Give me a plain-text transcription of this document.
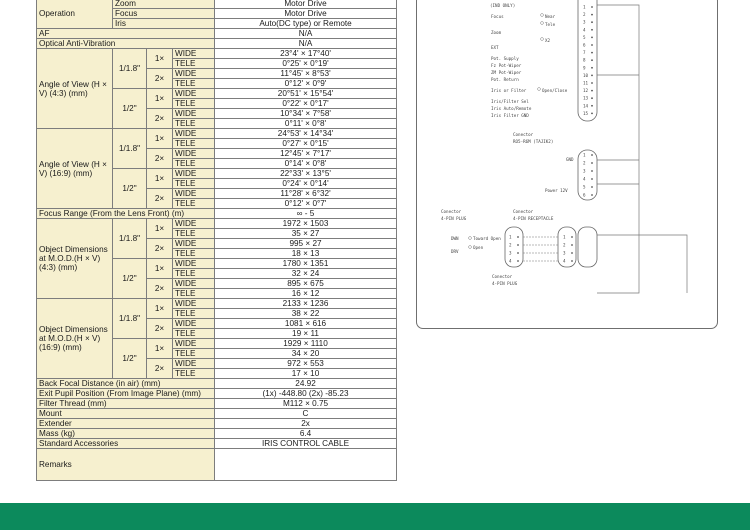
Operation	Zoom			Motor Drive
	Focus			Motor Drive
	Iris			Auto(DC type) or Remote
AF				N/A
Optical Anti-Vibration				N/A
Angle of View (H × V) (4:3) (mm)	1/1.8"	1×	WIDE	23°4' × 17°40'
			TELE	0°25' × 0°19'
		2×	WIDE	11°45' × 8°53'
			TELE	0°12' × 0°9'
	1/2"	1×	WIDE	20°51' × 15°54'
			TELE	0°22' × 0°17'
		2×	WIDE	10°34' × 7°58'
			TELE	0°11' × 0°8'
Angle of View (H × V) (16:9) (mm)	1/1.8"	1×	WIDE	24°53' × 14°34'
			TELE	0°27' × 0°15'
		2×	WIDE	12°45' × 7°17'
			TELE	0°14' × 0°8'
	1/2"	1×	WIDE	22°33' × 13°5'
			TELE	0°24' × 0°14'
		2×	WIDE	11°28' × 6°32'
			TELE	0°12' × 0°7'
Focus Range (From the Lens Front) (m)				∞ - 5
Object Dimensions at M.O.D.(H × V) (4:3) (mm)	1/1.8"	1×	WIDE	1972 × 1503
			TELE	35 × 27
		2×	WIDE	995 × 27
			TELE	18 × 13
	1/2"	1×	WIDE	1780 × 1351
			TELE	32 × 24
		2×	WIDE	895 × 675
			TELE	16 × 12
Object Dimensions at M.O.D.(H × V) (16:9) (mm)	1/1.8"	1×	WIDE	2133 × 1236
			TELE	38 × 22
		2×	WIDE	1081 × 616
			TELE	19 × 11
	1/2"	1×	WIDE	1929 × 1110
			TELE	34 × 20
		2×	WIDE	972 × 553
			TELE	17 × 10
Back Focal Distance (in air) (mm)				24.92
Exit Pupil Position (From Image Plane) (mm)				(1x) -448.80 (2x) -85.23
Filter Thread (mm)				M112 × 0.75
Mount				C
Extender				2x
Mass (kg)				6.4
Standard Accessories				IRIS CONTROL CABLE
Remarks				
1
2
3
4
5
6
7
8
9
10
11
12
13
14
15
1
2
3
4
5
6
1
2
3
4
1
2
3
4
(IND ONLY)
Focus	Near
Tele
Zoom
X2
EXT
Pot. Supply
Fz Pot-Wiper
ZM Pot-Wiper
Pot. Return
Iris or Filter	Open/Close
Iris/Filter Sel
Iris Auto/Remote
Iris Filter GND
Conector
RO5-R6M (TAJIK2)
GND
Power 12V
Conector
4-PIN PLUG
Conector
4-PIN RECEPTACLE
DWN	Toward Open
DRV
Open
Conector
4-PIN PLUG
